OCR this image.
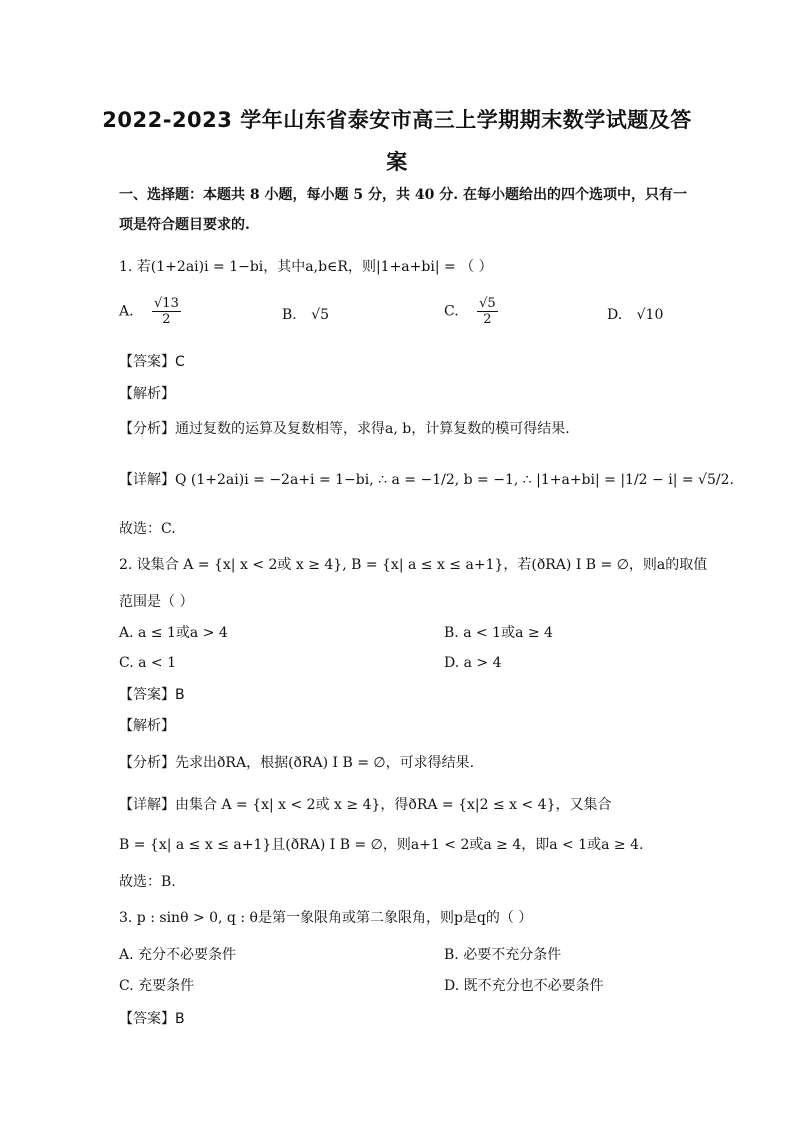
2022-2023 学年山东省泰安市高三上学期期末数学试题及答
案
一、选择题：本题共 8 小题，每小题 5 分，共 40 分. 在每小题给出的四个选项中，只有一
项是符合题目要求的.
1. 若(1+2ai)i = 1−bi，其中a,b∈R，则|1+a+bi| = （ ）
A. $\frac{√13}{2}$	B. √5	C. $\frac{√5}{2}$	D. √10
【答案】C
【解析】
【分析】通过复数的运算及复数相等，求得a, b，计算复数的模可得结果.
【详解】Q (1+2ai)i = −2a+i = 1−bi, ∴ a = −1/2, b = −1, ∴ |1+a+bi| = |1/2 − i| = √5/2.
故选：C.
2. 设集合 A = {x| x < 2或 x ≥ 4}, B = {x| a ≤ x ≤ a+1}，若(ðRA) I B = ∅，则a的取值
范围是（ ）
A. a ≤ 1或a > 4	B. a < 1或a ≥ 4
C. a < 1	D. a > 4
【答案】B
【解析】
【分析】先求出ðRA，根据(ðRA) I B = ∅，可求得结果.
【详解】由集合 A = {x| x < 2或 x ≥ 4}，得ðRA = {x|2 ≤ x < 4}，又集合
B = {x| a ≤ x ≤ a+1}且(ðRA) I B = ∅，则a+1 < 2或a ≥ 4，即a < 1或a ≥ 4.
故选：B.
3. p : sinθ > 0, q : θ是第一象限角或第二象限角，则p是q的（ ）
A. 充分不必要条件	B. 必要不充分条件
C. 充要条件	D. 既不充分也不必要条件
【答案】B
